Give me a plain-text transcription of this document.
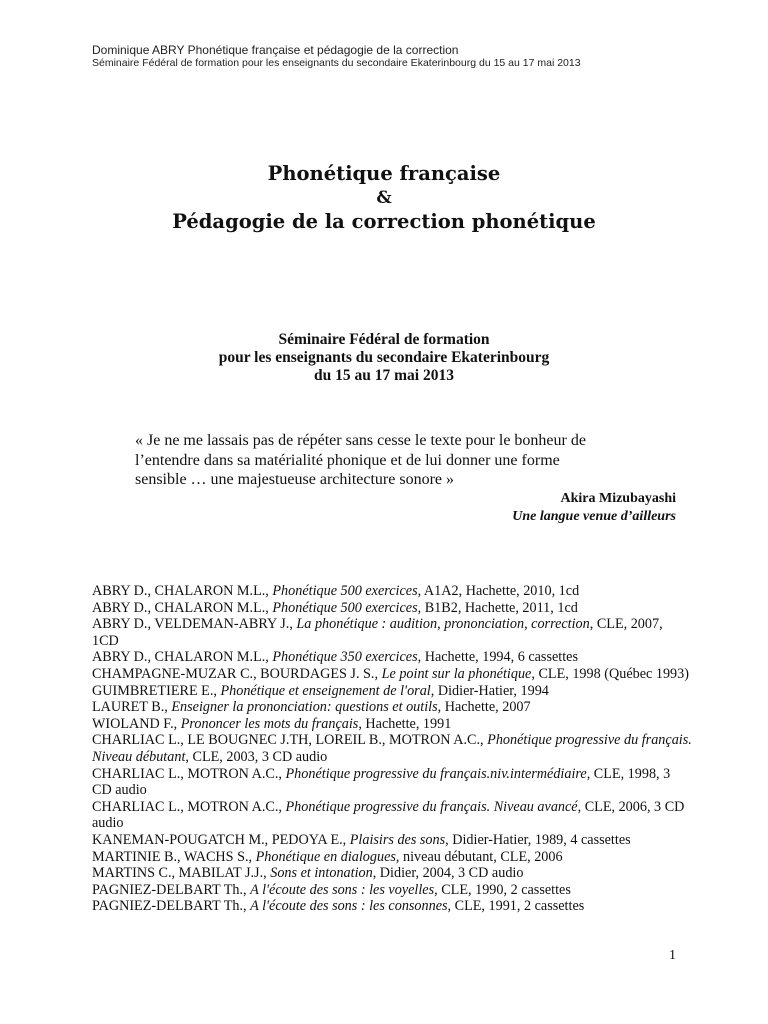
Dominique ABRY Phonétique française et pédagogie de la correction
Séminaire Fédéral de formation pour les enseignants du secondaire Ekaterinbourg du 15 au 17 mai 2013
Phonétique française
&
Pédagogie de la correction phonétique
Séminaire Fédéral de formation
pour les enseignants du secondaire Ekaterinbourg
du 15 au 17 mai 2013
« Je ne me lassais pas de répéter sans cesse le texte pour le bonheur de
l’entendre dans sa matérialité phonique et de lui donner une forme
sensible … une majestueuse architecture sonore »
Akira Mizubayashi
Une langue venue d’ailleurs
ABRY D., CHALARON M.L., Phonétique 500 exercices, A1A2, Hachette, 2010, 1cd
ABRY D., CHALARON M.L., Phonétique 500 exercices, B1B2, Hachette, 2011, 1cd
ABRY D., VELDEMAN-ABRY J., La phonétique : audition, prononciation, correction, CLE, 2007, 1CD
ABRY D., CHALARON M.L., Phonétique 350 exercices, Hachette, 1994, 6 cassettes
CHAMPAGNE-MUZAR C., BOURDAGES J. S., Le point sur la phonétique, CLE, 1998 (Québec 1993)
GUIMBRETIERE E., Phonétique et enseignement de l'oral, Didier-Hatier, 1994
LAURET B., Enseigner la prononciation: questions et outils, Hachette, 2007
WIOLAND F., Prononcer les mots du français, Hachette, 1991
CHARLIAC L., LE BOUGNEC J.TH, LOREIL B., MOTRON A.C., Phonétique progressive du français. Niveau débutant, CLE, 2003, 3 CD audio
CHARLIAC L., MOTRON A.C., Phonétique progressive du français.niv.intermédiaire, CLE, 1998, 3 CD audio
CHARLIAC L., MOTRON A.C., Phonétique progressive du français. Niveau avancé, CLE, 2006, 3 CD audio
KANEMAN-POUGATCH M., PEDOYA E., Plaisirs des sons, Didier-Hatier, 1989, 4 cassettes
MARTINIE B., WACHS S., Phonétique en dialogues, niveau débutant, CLE, 2006
MARTINS C., MABILAT J.J., Sons et intonation, Didier, 2004, 3 CD audio
PAGNIEZ-DELBART Th., A l'écoute des sons : les voyelles, CLE, 1990, 2 cassettes
PAGNIEZ-DELBART Th., A l'écoute des sons : les consonnes, CLE, 1991, 2 cassettes
1
